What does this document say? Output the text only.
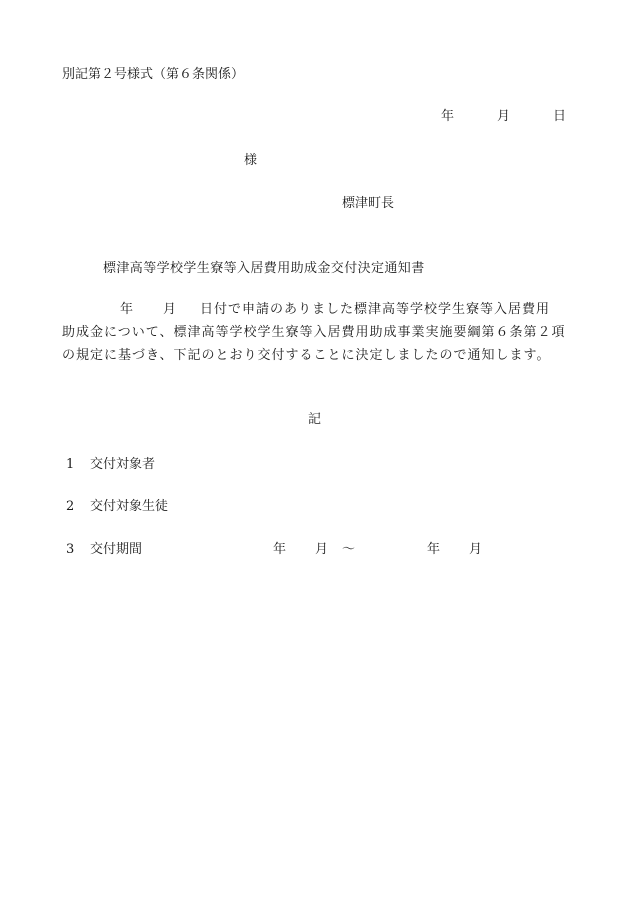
別記第２号様式（第６条関係）
年	月	日
様
標津町長
標津高等学校学生寮等入居費用助成金交付決定通知書
年 月 日付で申請のありました標津高等学校学生寮等入居費用
助成金について、標津高等学校学生寮等入居費用助成事業実施要綱第６条第２項
の規定に基づき、下記のとおり交付することに決定しましたので通知します。
記
1 交付対象者
2 交付対象生徒
3 交付期間	年 月 ～	年 月
